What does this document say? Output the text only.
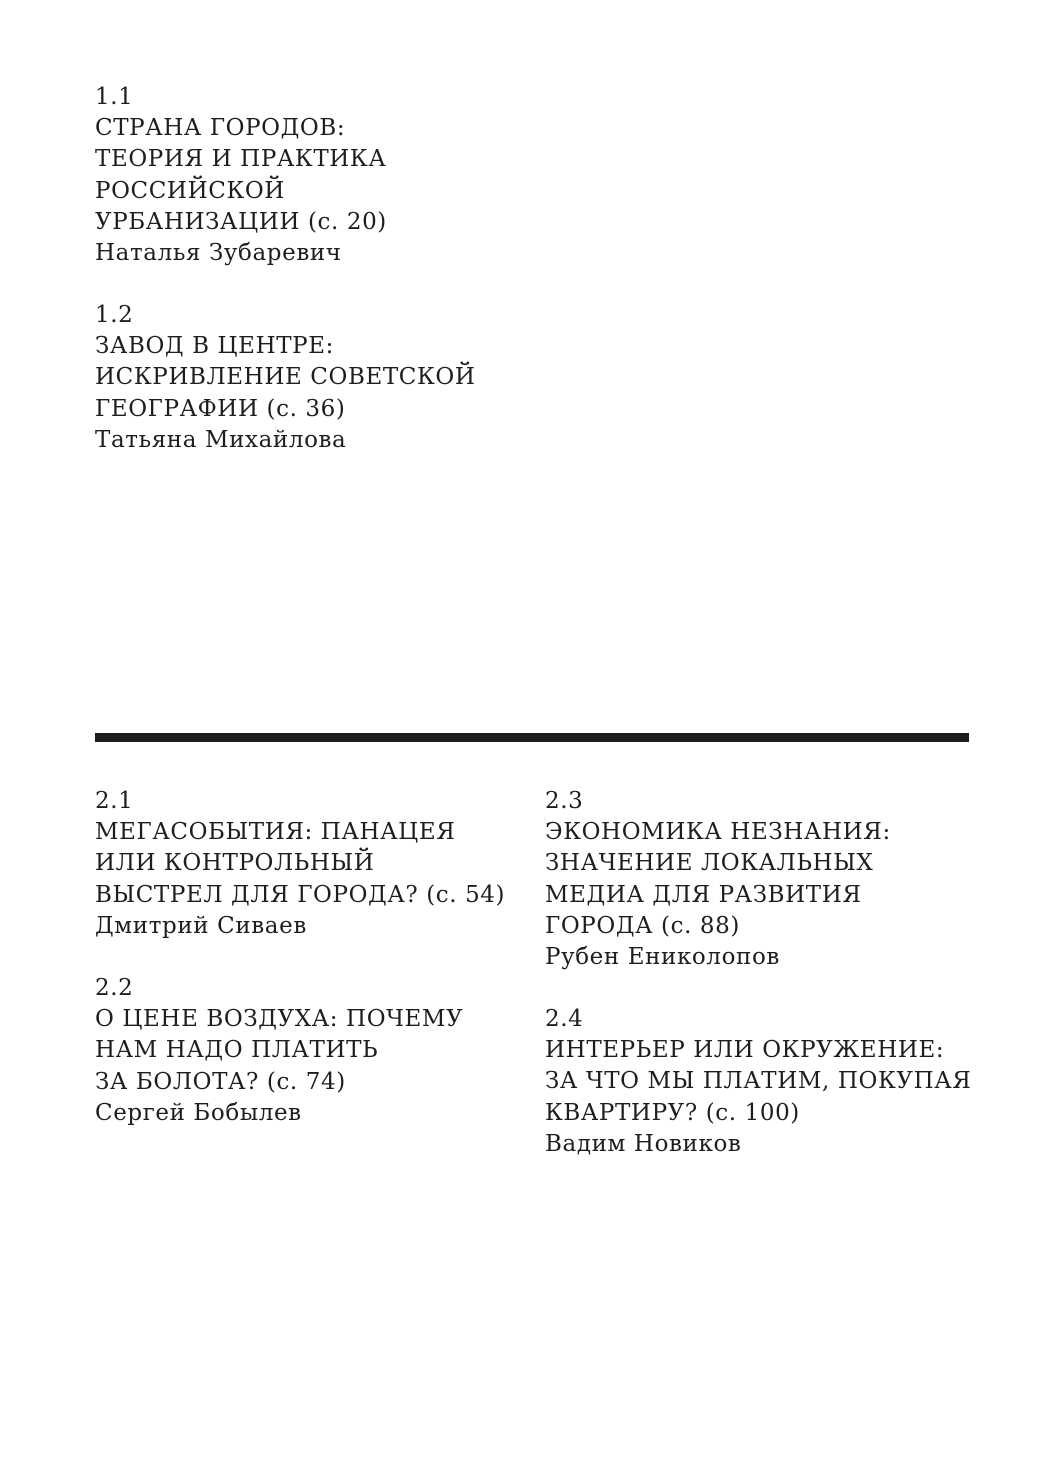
1.1
СТРАНА ГОРОДОВ:
ТЕОРИЯ И ПРАКТИКА
РОССИЙСКОЙ
УРБАНИЗАЦИИ (с. 20)
Наталья Зубаревич
1.2
ЗАВОД В ЦЕНТРЕ:
ИСКРИВЛЕНИЕ СОВЕТСКОЙ
ГЕОГРАФИИ (с. 36)
Татьяна Михайлова
2.1
МЕГАСОБЫТИЯ: ПАНАЦЕЯ
ИЛИ КОНТРОЛЬНЫЙ
ВЫСТРЕЛ ДЛЯ ГОРОДА? (с. 54)
Дмитрий Сиваев
2.2
О ЦЕНЕ ВОЗДУХА: ПОЧЕМУ
НАМ НАДО ПЛАТИТЬ
ЗА БОЛОТА? (с. 74)
Сергей Бобылев
2.3
ЭКОНОМИКА НЕЗНАНИЯ:
ЗНАЧЕНИЕ ЛОКАЛЬНЫХ
МЕДИА ДЛЯ РАЗВИТИЯ
ГОРОДА (с. 88)
Рубен Ениколопов
2.4
ИНТЕРЬЕР ИЛИ ОКРУЖЕНИЕ:
ЗА ЧТО МЫ ПЛАТИМ, ПОКУПАЯ
КВАРТИРУ? (с. 100)
Вадим Новиков
